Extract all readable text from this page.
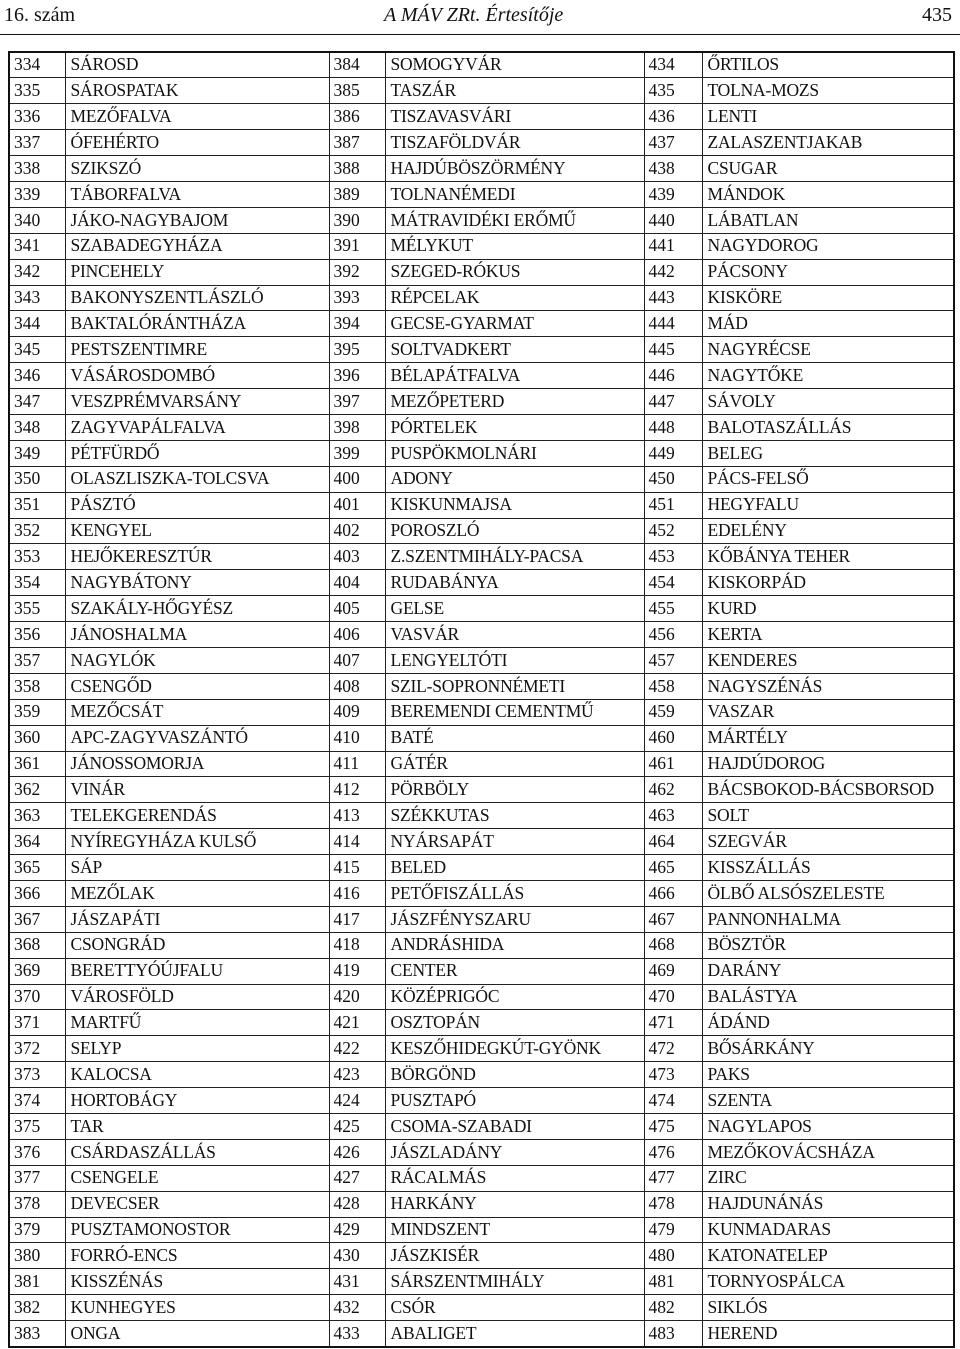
16. szám	A MÁV ZRt. Értesítője	435
334	SÁROSD	384	SOMOGYVÁR	434	ŐRTILOS
335	SÁROSPATAK	385	TASZÁR	435	TOLNA-MOZS
336	MEZŐFALVA	386	TISZAVASVÁRI	436	LENTI
337	ÓFEHÉRTO	387	TISZAFÖLDVÁR	437	ZALASZENTJAKAB
338	SZIKSZÓ	388	HAJDÚBÖSZÖRMÉNY	438	CSUGAR
339	TÁBORFALVA	389	TOLNANÉMEDI	439	MÁNDOK
340	JÁKO-NAGYBAJOM	390	MÁTRAVIDÉKI ERŐMŰ	440	LÁBATLAN
341	SZABADEGYHÁZA	391	MÉLYKUT	441	NAGYDOROG
342	PINCEHELY	392	SZEGED-RÓKUS	442	PÁCSONY
343	BAKONYSZENTLÁSZLÓ	393	RÉPCELAK	443	KISKÖRE
344	BAKTALÓRÁNTHÁZA	394	GECSE-GYARMAT	444	MÁD
345	PESTSZENTIMRE	395	SOLTVADKERT	445	NAGYRÉCSE
346	VÁSÁROSDOMBÓ	396	BÉLAPÁTFALVA	446	NAGYTŐKE
347	VESZPRÉMVARSÁNY	397	MEZŐPETERD	447	SÁVOLY
348	ZAGYVAPÁLFALVA	398	PÓRTELEK	448	BALOTASZÁLLÁS
349	PÉTFÜRDŐ	399	PUSPÖKMOLNÁRI	449	BELEG
350	OLASZLISZKA-TOLCSVA	400	ADONY	450	PÁCS-FELSŐ
351	PÁSZTÓ	401	KISKUNMAJSA	451	HEGYFALU
352	KENGYEL	402	POROSZLÓ	452	EDELÉNY
353	HEJŐKERESZTÚR	403	Z.SZENTMIHÁLY-PACSA	453	KŐBÁNYA TEHER
354	NAGYBÁTONY	404	RUDABÁNYA	454	KISKORPÁD
355	SZAKÁLY-HŐGYÉSZ	405	GELSE	455	KURD
356	JÁNOSHALMA	406	VASVÁR	456	KERTA
357	NAGYLÓK	407	LENGYELTÓTI	457	KENDERES
358	CSENGŐD	408	SZIL-SOPRONNÉMETI	458	NAGYSZÉNÁS
359	MEZŐCSÁT	409	BEREMENDI CEMENTMŰ	459	VASZAR
360	APC-ZAGYVASZÁNTÓ	410	BATÉ	460	MÁRTÉLY
361	JÁNOSSOMORJA	411	GÁTÉR	461	HAJDÚDOROG
362	VINÁR	412	PÖRBÖLY	462	BÁCSBOKOD-BÁCSBORSOD
363	TELEKGERENDÁS	413	SZÉKKUTAS	463	SOLT
364	NYÍREGYHÁZA KULSŐ	414	NYÁRSAPÁT	464	SZEGVÁR
365	SÁP	415	BELED	465	KISSZÁLLÁS
366	MEZŐLAK	416	PETŐFISZÁLLÁS	466	ÖLBŐ ALSÓSZELESTE
367	JÁSZAPÁTI	417	JÁSZFÉNYSZARU	467	PANNONHALMA
368	CSONGRÁD	418	ANDRÁSHIDA	468	BÖSZTÖR
369	BERETTYÓÚJFALU	419	CENTER	469	DARÁNY
370	VÁROSFÖLD	420	KÖZÉPRIGÓC	470	BALÁSTYA
371	MARTFŰ	421	OSZTOPÁN	471	ÁDÁND
372	SELYP	422	KESZŐHIDEGKÚT-GYÖNK	472	BŐSÁRKÁNY
373	KALOCSA	423	BÖRGÖND	473	PAKS
374	HORTOBÁGY	424	PUSZTAPÓ	474	SZENTA
375	TAR	425	CSOMA-SZABADI	475	NAGYLAPOS
376	CSÁRDASZÁLLÁS	426	JÁSZLADÁNY	476	MEZŐKOVÁCSHÁZA
377	CSENGELE	427	RÁCALMÁS	477	ZIRC
378	DEVECSER	428	HARKÁNY	478	HAJDUNÁNÁS
379	PUSZTAMONOSTOR	429	MINDSZENT	479	KUNMADARAS
380	FORRÓ-ENCS	430	JÁSZKISÉR	480	KATONATELEP
381	KISSZÉNÁS	431	SÁRSZENTMIHÁLY	481	TORNYOSPÁLCA
382	KUNHEGYES	432	CSÓR	482	SIKLÓS
383	ONGA	433	ABALIGET	483	HEREND
